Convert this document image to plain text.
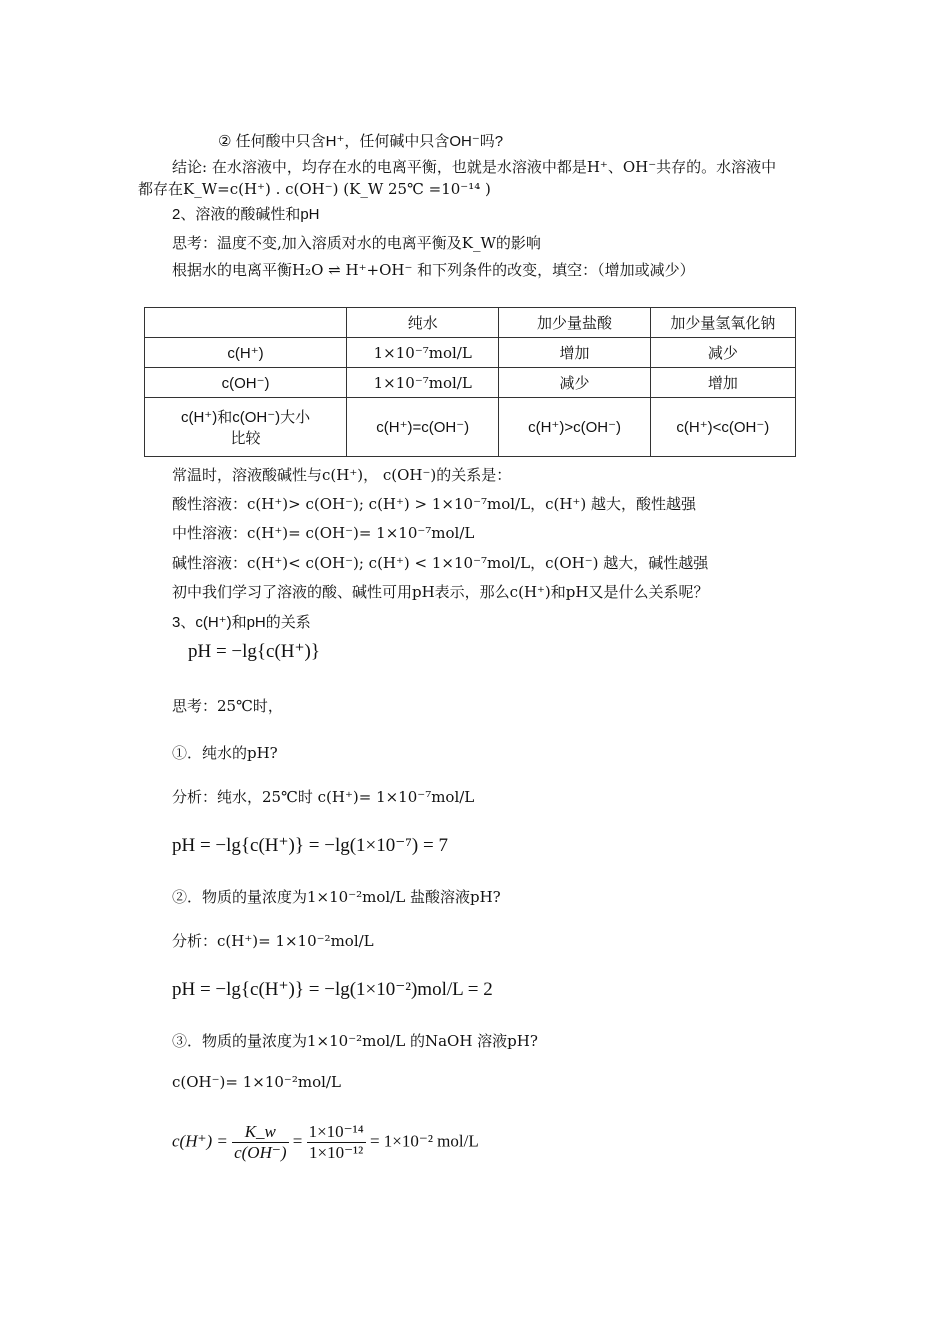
② 任何酸中只含H⁺，任何碱中只含OH⁻吗?
结论: 在水溶液中，均存在水的电离平衡，也就是水溶液中都是H⁺、OH⁻共存的。水溶液中
都存在K_W=c(H⁺) . c(OH⁻) (K_W 25℃ =10⁻¹⁴ )
2、溶液的酸碱性和pH
思考：温度不变,加入溶质对水的电离平衡及K_W的影响
根据水的电离平衡H₂O ⇌ H⁺+OH⁻ 和下列条件的改变，填空：（增加或减少）
	纯水	加少量盐酸	加少量氢氧化钠
c(H⁺)	1×10⁻⁷mol/L	增加	减少
c(OH⁻)	1×10⁻⁷mol/L	减少	增加
c(H⁺)和c(OH⁻)大小比较	c(H⁺)=c(OH⁻)	c(H⁺)>c(OH⁻)	c(H⁺)<c(OH⁻)
常温时，溶液酸碱性与c(H⁺)， c(OH⁻)的关系是：
酸性溶液：c(H⁺)> c(OH⁻); c(H⁺) > 1×10⁻⁷mol/L，c(H⁺) 越大，酸性越强
中性溶液：c(H⁺)= c(OH⁻)= 1×10⁻⁷mol/L
碱性溶液：c(H⁺)< c(OH⁻); c(H⁺) < 1×10⁻⁷mol/L，c(OH⁻) 越大，碱性越强
初中我们学习了溶液的酸、碱性可用pH表示，那么c(H⁺)和pH又是什么关系呢？
3、c(H⁺)和pH的关系
pH = −lg{c(H⁺)}
思考：25℃时，
①．纯水的pH?
分析：纯水，25℃时 c(H⁺)= 1×10⁻⁷mol/L
pH = −lg{c(H⁺)} = −lg(1×10⁻⁷) = 7
②．物质的量浓度为1×10⁻²mol/L 盐酸溶液pH?
分析：c(H⁺)= 1×10⁻²mol/L
pH = −lg{c(H⁺)} = −lg(1×10⁻²)mol/L = 2
③．物质的量浓度为1×10⁻²mol/L 的NaOH 溶液pH?
c(OH⁻)= 1×10⁻²mol/L
$c(H^+) = \frac{K\_w}{c(OH^-)} = \frac{\text{1×10⁻¹⁴}}{\text{1×10⁻¹²}} = 1\times 10^{-2}$ mol/L
